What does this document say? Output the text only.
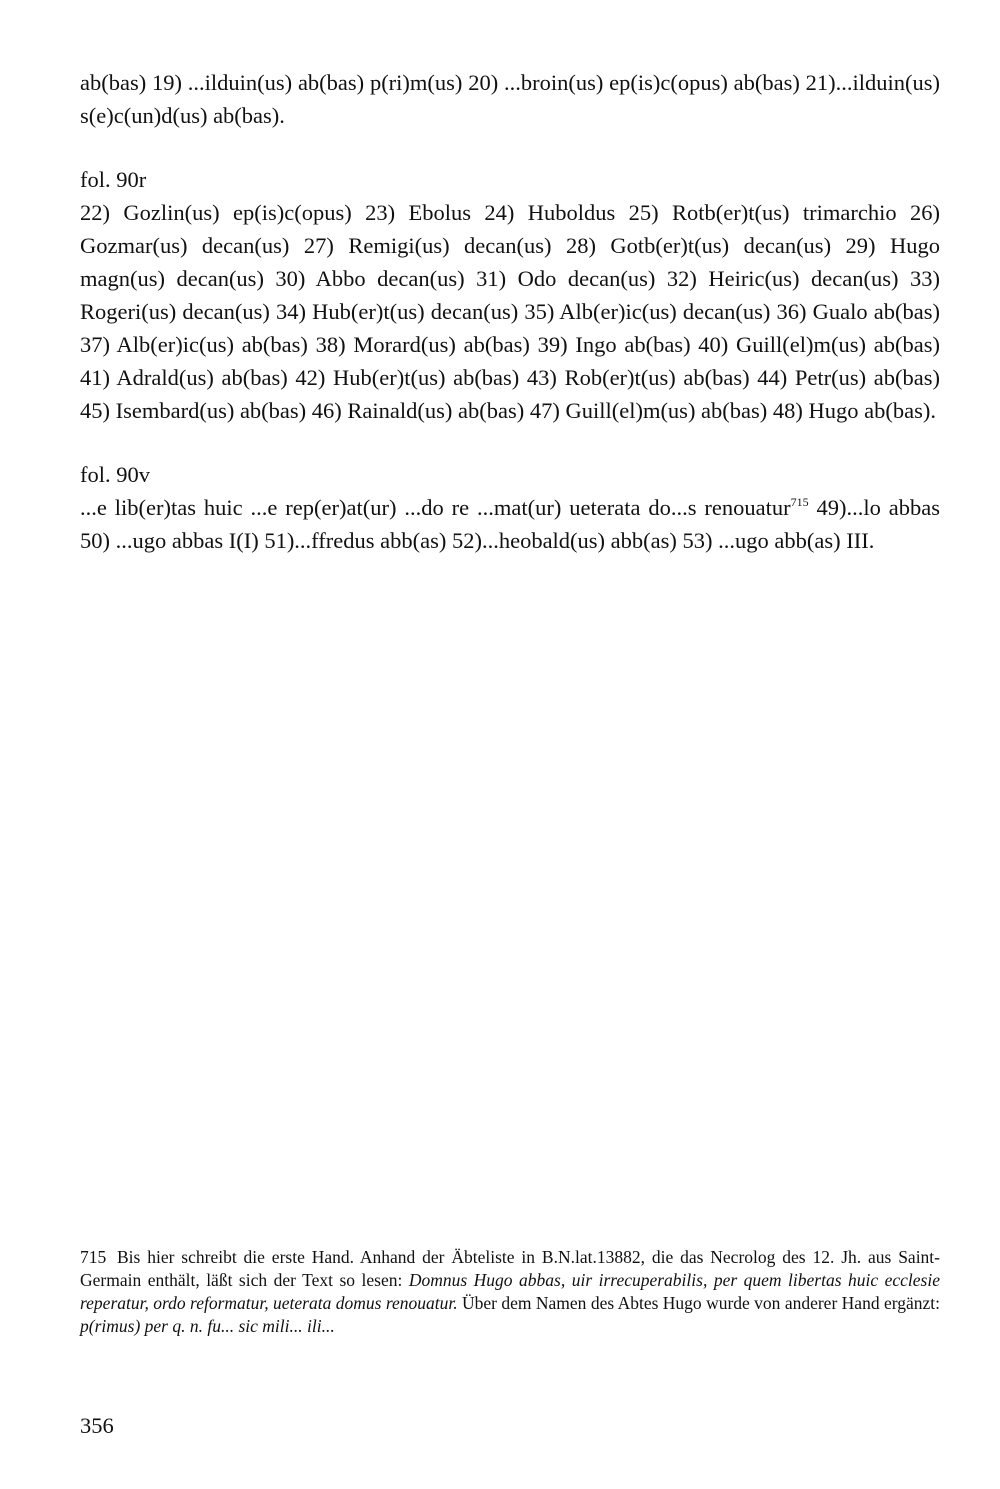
ab(bas) 19) ...ilduin(us) ab(bas) p(ri)m(us) 20) ...broin(us) ep(is)c(opus) ab(bas) 21)...ilduin(us) s(e)c(un)d(us) ab(bas).

fol. 90r

22) Gozlin(us) ep(is)c(opus) 23) Ebolus 24) Huboldus 25) Rotb(er)t(us) trimarchio 26) Gozmar(us) decan(us) 27) Remigi(us) decan(us) 28) Gotb(er)t(us) decan(us) 29) Hugo magn(us) decan(us) 30) Abbo decan(us) 31) Odo decan(us) 32) Heiric(us) decan(us) 33) Rogeri(us) decan(us) 34) Hub(er)t(us) decan(us) 35) Alb(er)ic(us) decan(us) 36) Gualo ab(bas) 37) Alb(er)ic(us) ab(bas) 38) Morard(us) ab(bas) 39) Ingo ab(bas) 40) Guill(el)m(us) ab(bas) 41) Adrald(us) ab(bas) 42) Hub(er)t(us) ab(bas) 43) Rob(er)t(us) ab(bas) 44) Petr(us) ab(bas) 45) Isembard(us) ab(bas) 46) Rainald(us) ab(bas) 47) Guill(el)m(us) ab(bas) 48) Hugo ab(bas).

fol. 90v

...e lib(er)tas huic ...e rep(er)at(ur) ...do re ...mat(ur) ueterata do...s renouatur$^{715}$ 49)...lo abbas 50) ...ugo abbas I(I) 51)...ffredus abb(as) 52)...heobald(us) abb(as) 53) ...ugo abb(as) III.

715 Bis hier schreibt die erste Hand. Anhand der Äbteliste in B.N.lat.13882, die das Necrolog des 12. Jh. aus Saint-Germain enthält, läßt sich der Text so lesen: Domnus Hugo abbas, uir irrecuperabilis, per quem libertas huic ecclesie reperatur, ordo reformatur, ueterata domus renouatur. Über dem Namen des Abtes Hugo wurde von anderer Hand ergänzt: p(rimus) per q. n. fu... sic mili... ili...
356
